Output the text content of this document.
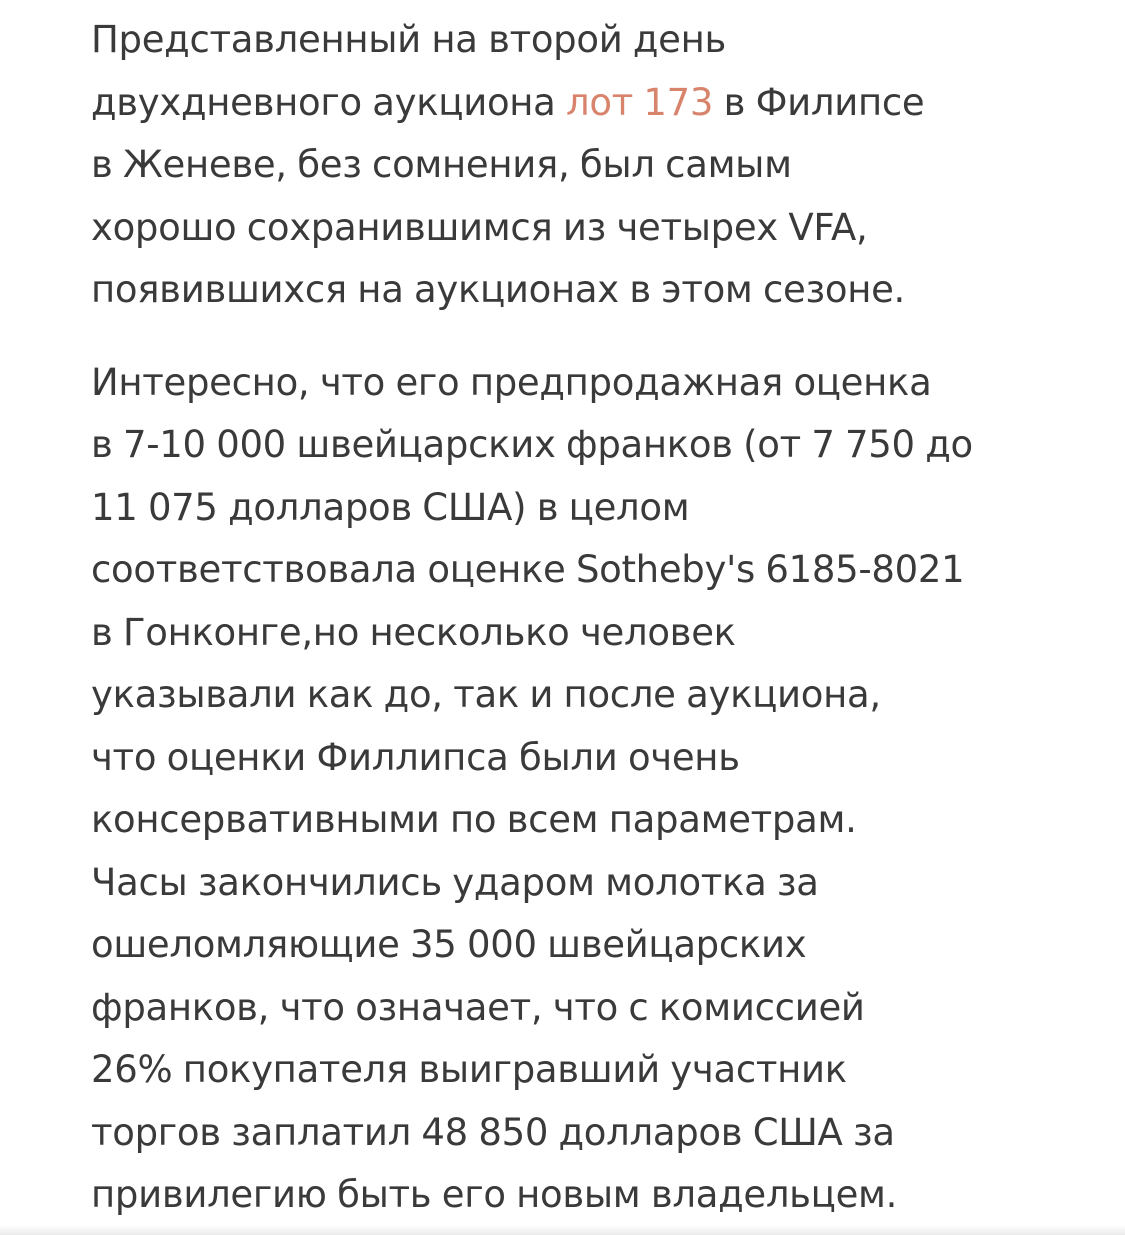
Представленный на второй день
двухдневного аукциона лот 173 в Филипсе
в Женеве, без сомнения, был самым
хорошо сохранившимся из четырех VFA,
появившихся на аукционах в этом сезоне.

Интересно, что его предпродажная оценка
в 7-10 000 швейцарских франков (от 7 750 до
11 075 долларов США) в целом
соответствовала оценке Sotheby's 6185-8021
в Гонконге,но несколько человек
указывали как до, так и после аукциона,
что оценки Филлипса были очень
консервативными по всем параметрам.
Часы закончились ударом молотка за
ошеломляющие 35 000 швейцарских
франков, что означает, что с комиссией
26% покупателя выигравший участник
торгов заплатил 48 850 долларов США за
привилегию быть его новым владельцем.
